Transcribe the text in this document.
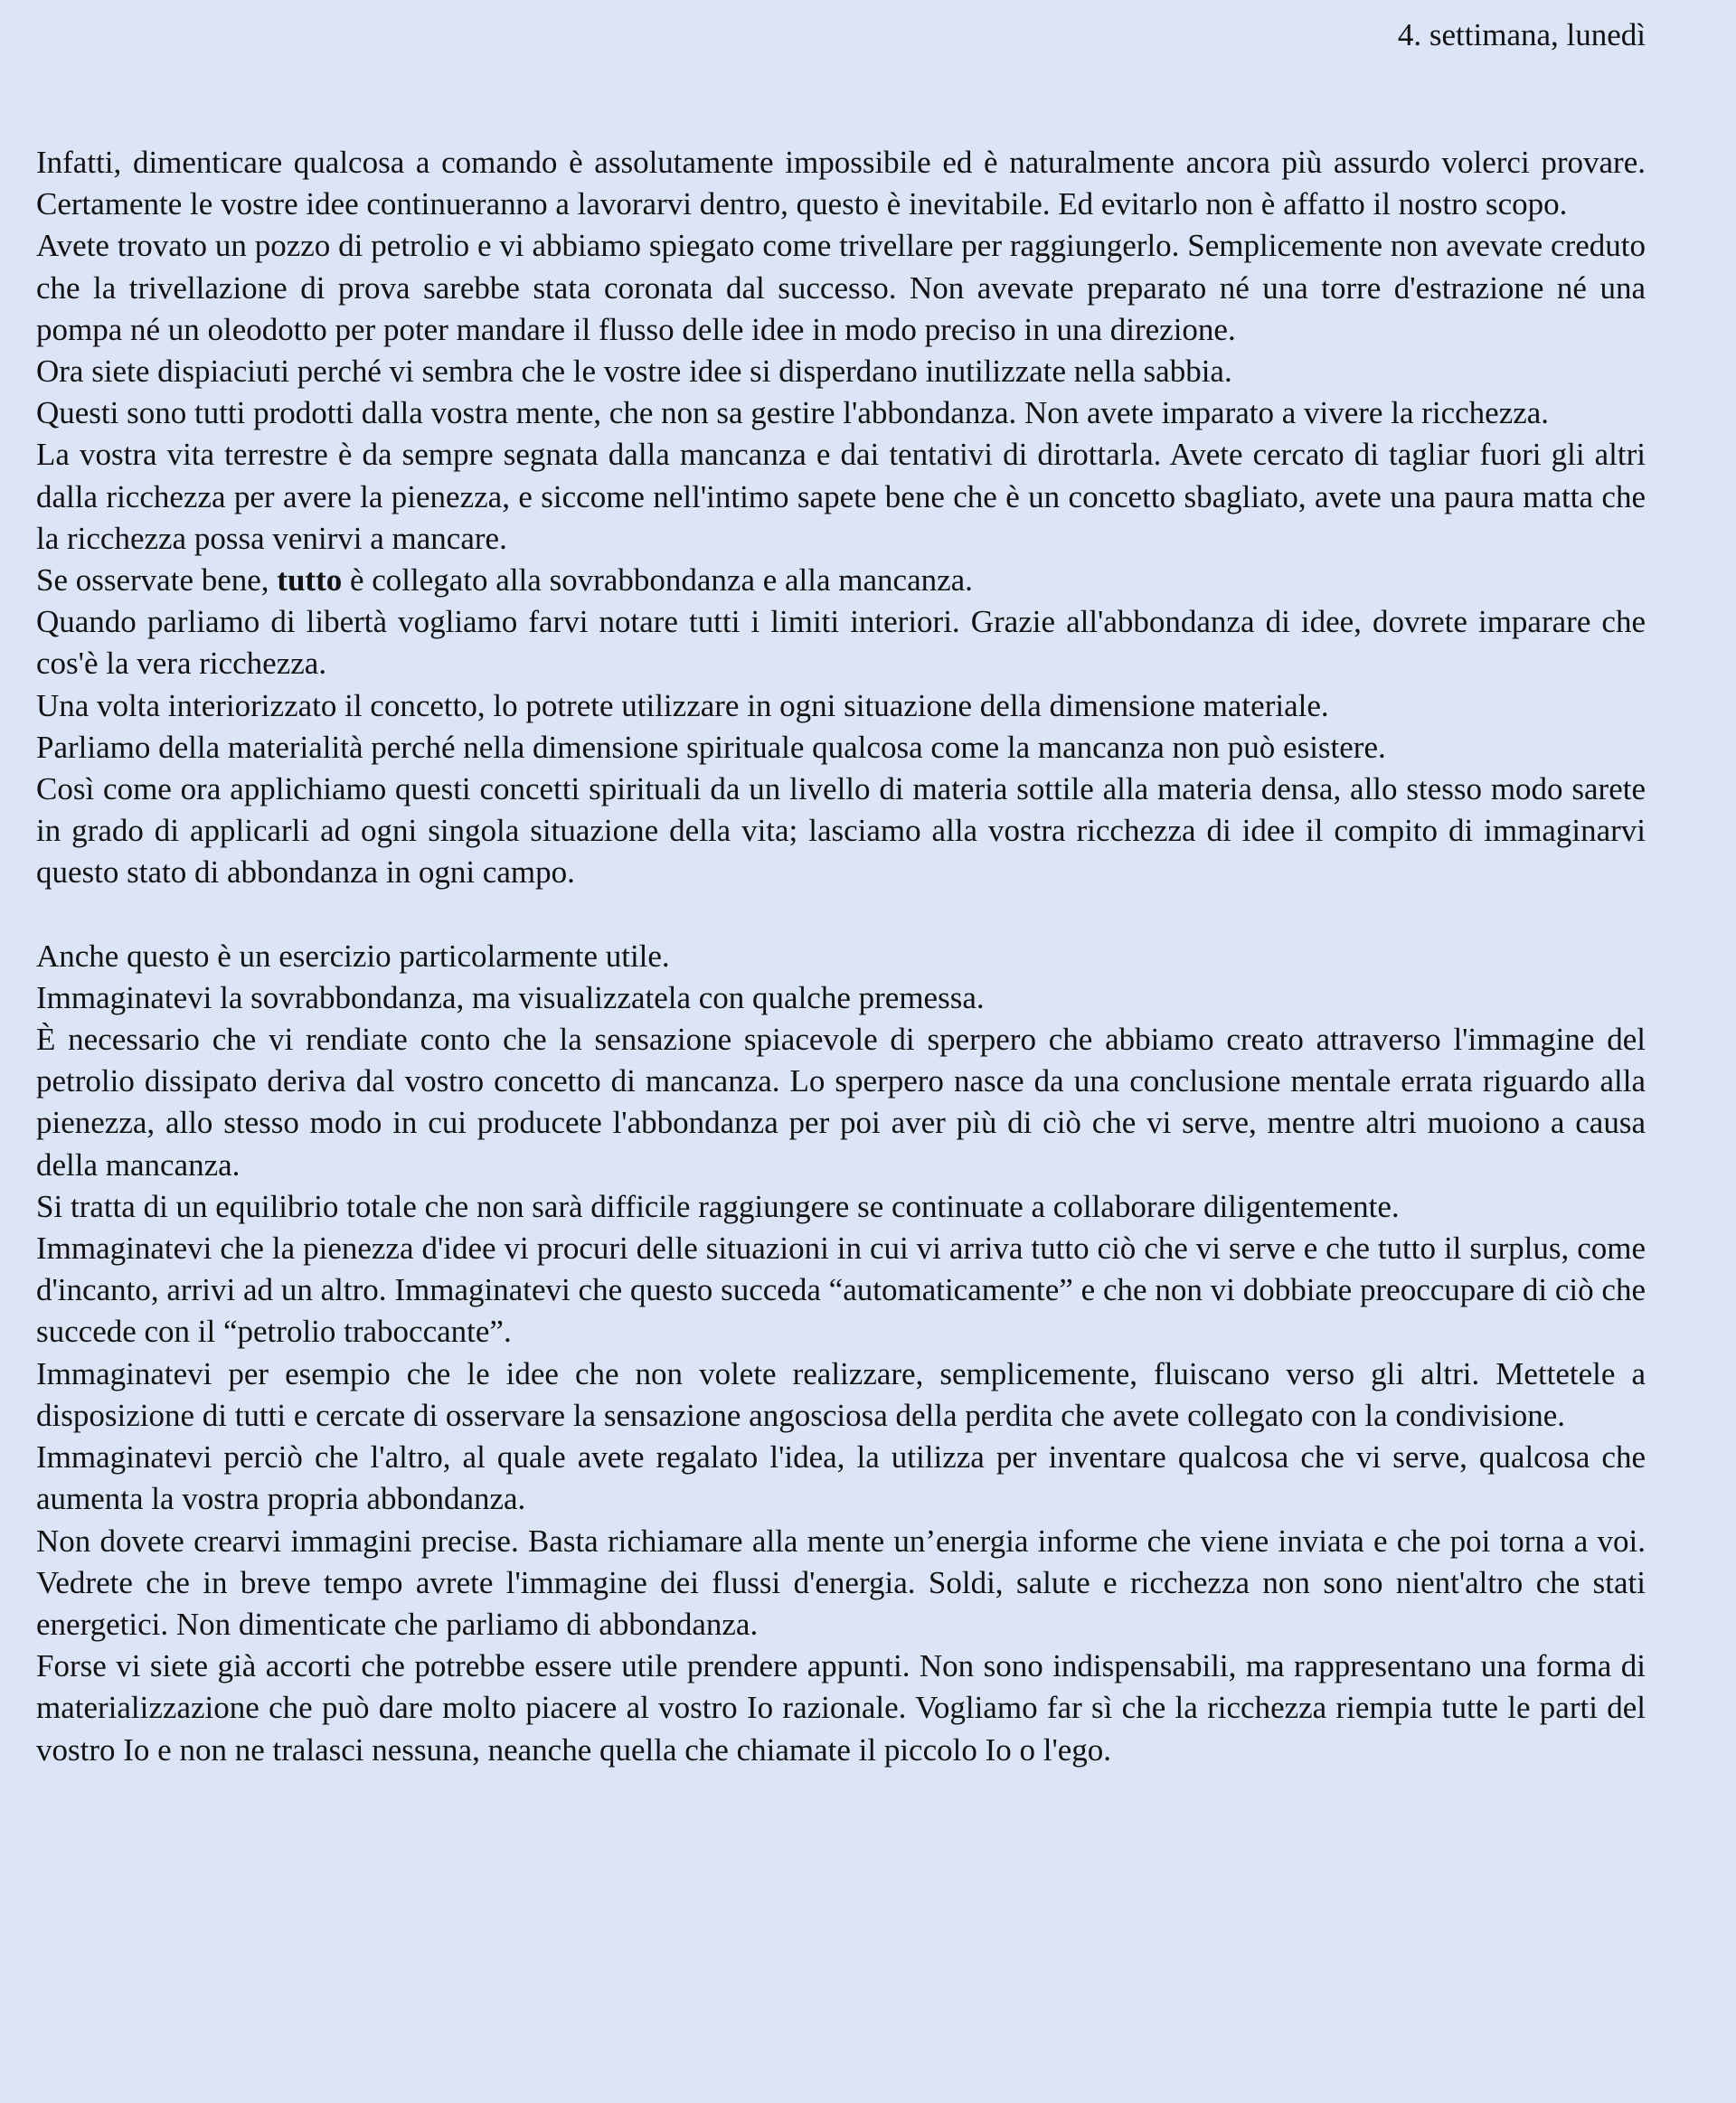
4. settimana, lunedì

Infatti, dimenticare qualcosa a comando è assolutamente impossibile ed è naturalmente ancora più assurdo volerci provare. Certamente le vostre idee continueranno a lavorarvi dentro, questo è inevitabile. Ed evitarlo non è affatto il nostro scopo.

Avete trovato un pozzo di petrolio e vi abbiamo spiegato come trivellare per raggiungerlo. Semplicemente non avevate creduto che la trivellazione di prova sarebbe stata coronata dal successo. Non avevate preparato né una torre d'estrazione né una pompa né un oleodotto per poter mandare il flusso delle idee in modo preciso in una direzione.

Ora siete dispiaciuti perché vi sembra che le vostre idee si disperdano inutilizzate nella sabbia.

Questi sono tutti prodotti dalla vostra mente, che non sa gestire l'abbondanza. Non avete imparato a vivere la ricchezza.

La vostra vita terrestre è da sempre segnata dalla mancanza e dai tentativi di dirottarla. Avete cercato di tagliar fuori gli altri dalla ricchezza per avere la pienezza, e siccome nell'intimo sapete bene che è un concetto sbagliato, avete una paura matta che la ricchezza possa venirvi a mancare.

Se osservate bene, tutto è collegato alla sovrabbondanza e alla mancanza.

Quando parliamo di libertà vogliamo farvi notare tutti i limiti interiori. Grazie all'abbondanza di idee, dovrete imparare che cos'è la vera ricchezza.

Una volta interiorizzato il concetto, lo potrete utilizzare in ogni situazione della dimensione materiale.

Parliamo della materialità perché nella dimensione spirituale qualcosa come la mancanza non può esistere.

Così come ora applichiamo questi concetti spirituali da un livello di materia sottile alla materia densa, allo stesso modo sarete in grado di applicarli ad ogni singola situazione della vita; lasciamo alla vostra ricchezza di idee il compito di immaginarvi questo stato di abbondanza in ogni campo.

Anche questo è un esercizio particolarmente utile.

Immaginatevi la sovrabbondanza, ma visualizzatela con qualche premessa.

È necessario che vi rendiate conto che la sensazione spiacevole di sperpero che abbiamo creato attraverso l'immagine del petrolio dissipato deriva dal vostro concetto di mancanza. Lo sperpero nasce da una conclusione mentale errata riguardo alla pienezza, allo stesso modo in cui producete l'abbondanza per poi aver più di ciò che vi serve, mentre altri muoiono a causa della mancanza.

Si tratta di un equilibrio totale che non sarà difficile raggiungere se continuate a collaborare diligentemente.

Immaginatevi che la pienezza d'idee vi procuri delle situazioni in cui vi arriva tutto ciò che vi serve e che tutto il surplus, come d'incanto, arrivi ad un altro. Immaginatevi che questo succeda “automaticamente” e che non vi dobbiate preoccupare di ciò che succede con il “petrolio traboccante”.

Immaginatevi per esempio che le idee che non volete realizzare, semplicemente, fluiscano verso gli altri. Mettetele a disposizione di tutti e cercate di osservare la sensazione angosciosa della perdita che avete collegato con la condivisione.

Immaginatevi perciò che l'altro, al quale avete regalato l'idea, la utilizza per inventare qualcosa che vi serve, qualcosa che aumenta la vostra propria abbondanza.

Non dovete crearvi immagini precise. Basta richiamare alla mente un’energia informe che viene inviata e che poi torna a voi. Vedrete che in breve tempo avrete l'immagine dei flussi d'energia. Soldi, salute e ricchezza non sono nient'altro che stati energetici. Non dimenticate che parliamo di abbondanza.

Forse vi siete già accorti che potrebbe essere utile prendere appunti. Non sono indispensabili, ma rappresentano una forma di materializzazione che può dare molto piacere al vostro Io razionale. Vogliamo far sì che la ricchezza riempia tutte le parti del vostro Io e non ne tralasci nessuna, neanche quella che chiamate il piccolo Io o l'ego.
